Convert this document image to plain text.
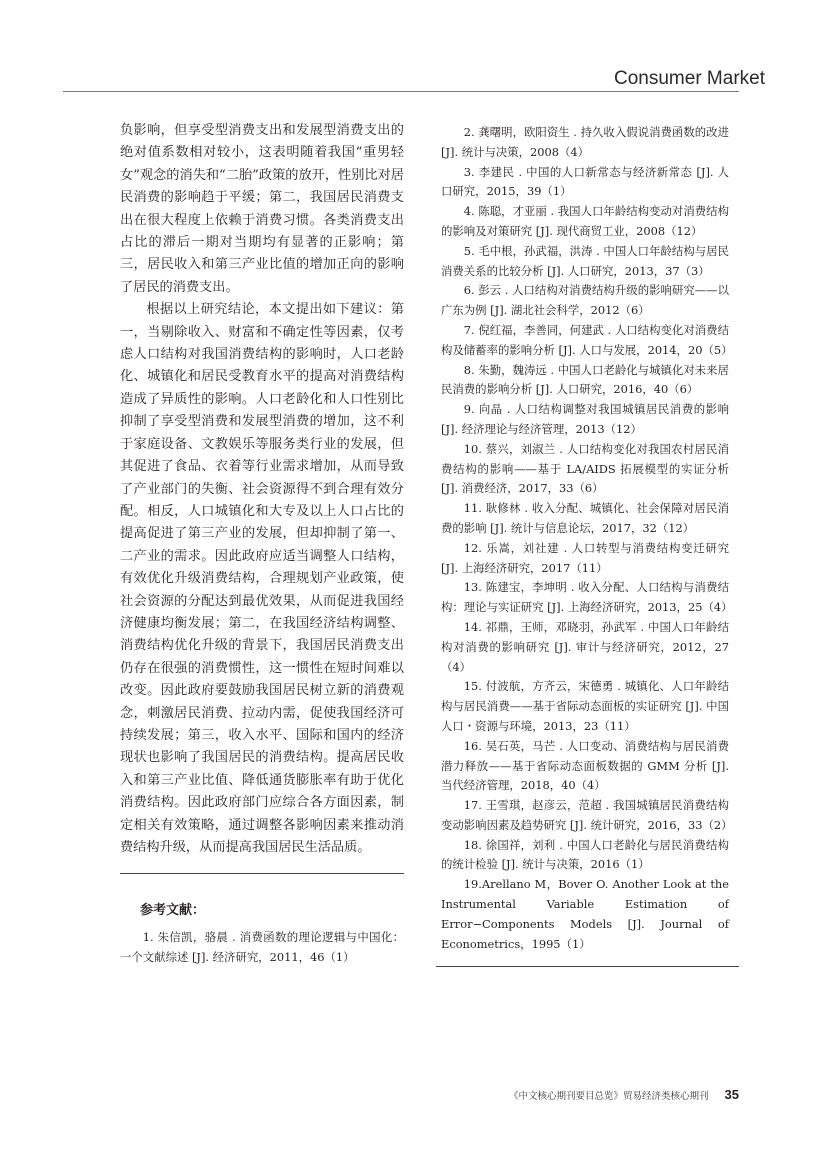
Consumer Market

负影响，但享受型消费支出和发展型消费支出的绝对值系数相对较小，这表明随着我国“重男轻女”观念的消失和“二胎”政策的放开，性别比对居民消费的影响趋于平缓；第二，我国居民消费支出在很大程度上依赖于消费习惯。各类消费支出占比的滞后一期对当期均有显著的正影响；第三，居民收入和第三产业比值的增加正向的影响了居民的消费支出。

根据以上研究结论，本文提出如下建议：第一，当剔除收入、财富和不确定性等因素，仅考虑人口结构对我国消费结构的影响时，人口老龄化、城镇化和居民受教育水平的提高对消费结构造成了异质性的影响。人口老龄化和人口性别比抑制了享受型消费和发展型消费的增加，这不利于家庭设备、文教娱乐等服务类行业的发展，但其促进了食品、衣着等行业需求增加，从而导致了产业部门的失衡、社会资源得不到合理有效分配。相反，人口城镇化和大专及以上人口占比的提高促进了第三产业的发展，但却抑制了第一、二产业的需求。因此政府应适当调整人口结构，有效优化升级消费结构，合理规划产业政策，使社会资源的分配达到最优效果，从而促进我国经济健康均衡发展；第二，在我国经济结构调整、消费结构优化升级的背景下，我国居民消费支出仍存在很强的消费惯性，这一惯性在短时间难以改变。因此政府要鼓励我国居民树立新的消费观念，刺激居民消费、拉动内需，促使我国经济可持续发展；第三，收入水平、国际和国内的经济现状也影响了我国居民的消费结构。提高居民收入和第三产业比值、降低通货膨胀率有助于优化消费结构。因此政府部门应综合各方面因素，制定相关有效策略，通过调整各影响因素来推动消费结构升级，从而提高我国居民生活品质。

参考文献：

1. 朱信凯，骆晨 . 消费函数的理论逻辑与中国化：一个文献综述 [J]. 经济研究，2011，46（1）

2. 龚曙明，欧阳资生 . 持久收入假说消费函数的改进 [J]. 统计与决策，2008（4）

3. 李建民 . 中国的人口新常态与经济新常态 [J]. 人口研究，2015，39（1）

4. 陈聪，才亚丽 . 我国人口年龄结构变动对消费结构的影响及对策研究 [J]. 现代商贸工业，2008（12）

5. 毛中根，孙武福，洪涛 . 中国人口年龄结构与居民消费关系的比较分析 [J]. 人口研究，2013，37（3）

6. 彭云 . 人口结构对消费结构升级的影响研究——以广东为例 [J]. 湖北社会科学，2012（6）

7. 倪红福，李善同，何建武 . 人口结构变化对消费结构及储蓄率的影响分析 [J]. 人口与发展，2014，20（5）

8. 朱勤，魏涛远 . 中国人口老龄化与城镇化对未来居民消费的影响分析 [J]. 人口研究，2016，40（6）

9. 向晶 . 人口结构调整对我国城镇居民消费的影响 [J]. 经济理论与经济管理，2013（12）

10. 蔡兴，刘淑兰 . 人口结构变化对我国农村居民消费结构的影响——基于 LA/AIDS 拓展模型的实证分析 [J]. 消费经济，2017，33（6）

11. 耿修林 . 收入分配、城镇化、社会保障对居民消费的影响 [J]. 统计与信息论坛，2017，32（12）

12. 乐嵩，刘社建 . 人口转型与消费结构变迁研究 [J]. 上海经济研究，2017（11）

13. 陈建宝，李坤明 . 收入分配、人口结构与消费结构：理论与实证研究 [J]. 上海经济研究，2013，25（4）

14. 祁鼎，王师，邓晓羽，孙武军 . 中国人口年龄结构对消费的影响研究 [J]. 审计与经济研究，2012，27（4）

15. 付波航，方齐云，宋德勇 . 城镇化、人口年龄结构与居民消费——基于省际动态面板的实证研究 [J]. 中国人口・资源与环境，2013，23（11）

16. 吴石英，马芒 . 人口变动、消费结构与居民消费潜力释放——基于省际动态面板数据的 GMM 分析 [J]. 当代经济管理，2018，40（4）

17. 王雪琪，赵彦云，范超 . 我国城镇居民消费结构变动影响因素及趋势研究 [J]. 统计研究，2016，33（2）

18. 徐国祥，刘利 . 中国人口老龄化与居民消费结构的统计检验 [J]. 统计与决策，2016（1）

19.Arellano M，Bover O. Another Look at the Instrumental Variable Estimation of Error−Components Models [J]. Journal of Econometrics，1995（1）

《中文核心期刊要目总览》贸易经济类核心期刊 35
